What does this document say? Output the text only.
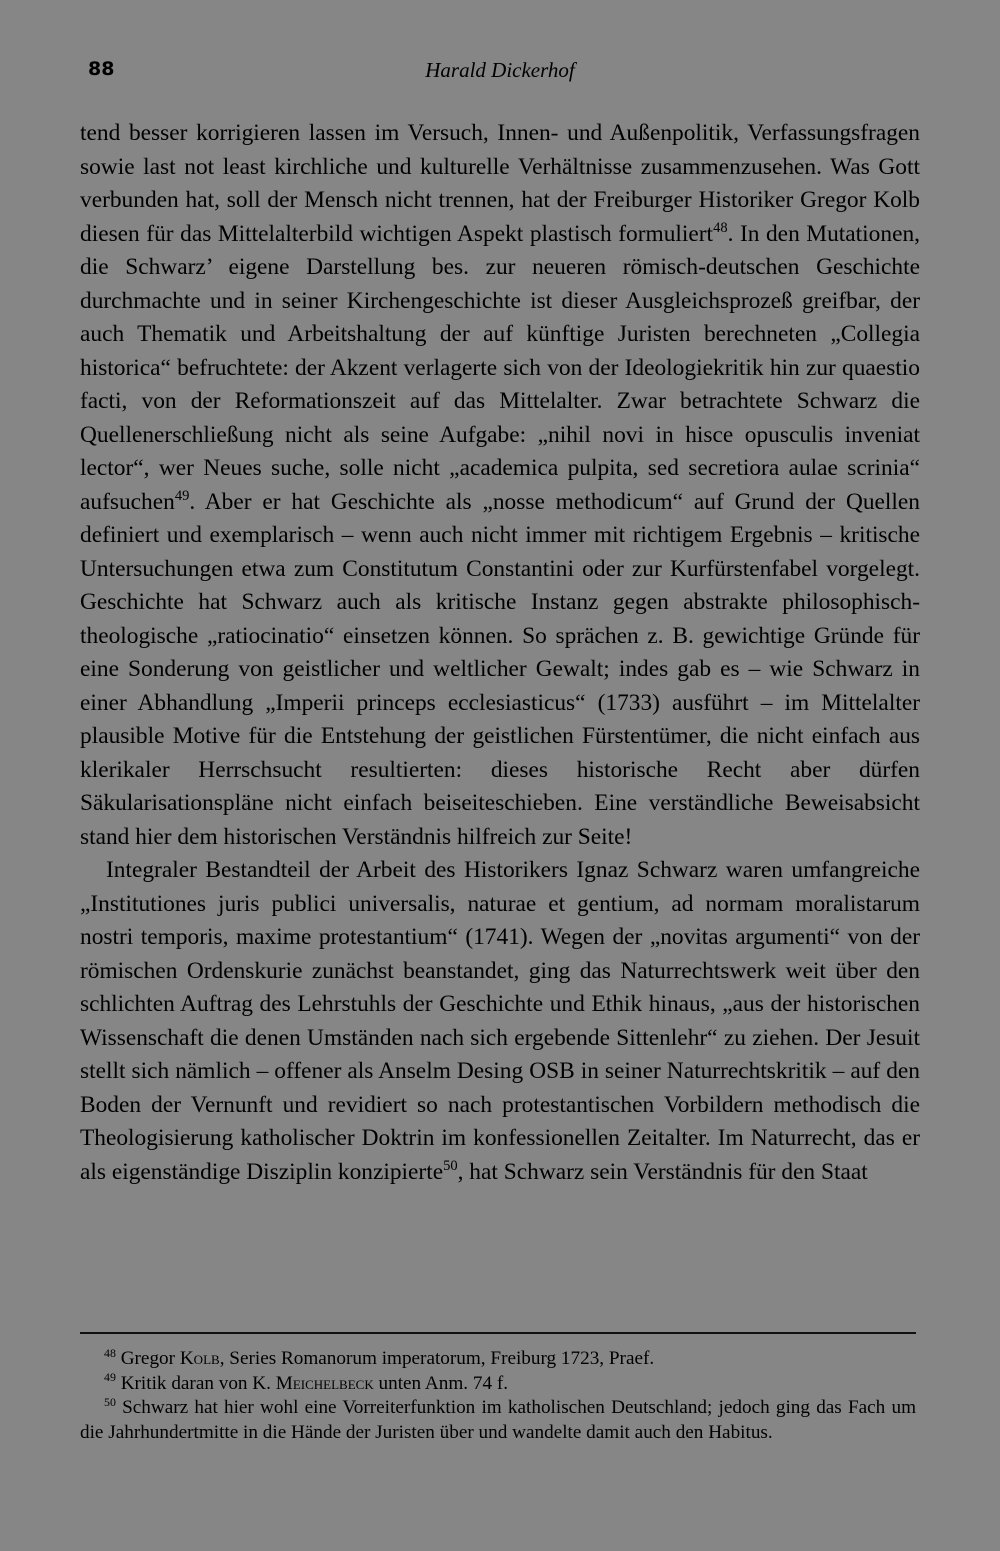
88	Harald Dickerhof

tend besser korrigieren lassen im Versuch, Innen- und Außenpolitik, Verfassungsfragen sowie last not least kirchliche und kulturelle Verhältnisse zusammenzusehen. Was Gott verbunden hat, soll der Mensch nicht trennen, hat der Freiburger Historiker Gregor Kolb diesen für das Mittelalterbild wichtigen Aspekt plastisch formuliert$^{48}$. In den Mutationen, die Schwarz’ eigene Darstellung bes. zur neueren römisch-deutschen Geschichte durchmachte und in seiner Kirchengeschichte ist dieser Ausgleichsprozeß greifbar, der auch Thematik und Arbeitshaltung der auf künftige Juristen berechneten „Collegia historica“ befruchtete: der Akzent verlagerte sich von der Ideologiekritik hin zur quaestio facti, von der Reformationszeit auf das Mittelalter. Zwar betrachtete Schwarz die Quellenerschließung nicht als seine Aufgabe: „nihil novi in hisce opusculis inveniat lector“, wer Neues suche, solle nicht „academica pulpita, sed secretiora aulae scrinia“ aufsuchen$^{49}$. Aber er hat Geschichte als „nosse methodicum“ auf Grund der Quellen definiert und exemplarisch – wenn auch nicht immer mit richtigem Ergebnis – kritische Untersuchungen etwa zum Constitutum Constantini oder zur Kurfürstenfabel vorgelegt. Geschichte hat Schwarz auch als kritische Instanz gegen abstrakte philosophisch-theologische „ratiocinatio“ einsetzen können. So sprächen z. B. gewichtige Gründe für eine Sonderung von geistlicher und weltlicher Gewalt; indes gab es – wie Schwarz in einer Abhandlung „Imperii princeps ecclesiasticus“ (1733) ausführt – im Mittelalter plausible Motive für die Entstehung der geistlichen Fürstentümer, die nicht einfach aus klerikaler Herrschsucht resultierten: dieses historische Recht aber dürfen Säkularisationspläne nicht einfach beiseiteschieben. Eine verständliche Beweisabsicht stand hier dem historischen Verständnis hilfreich zur Seite!

Integraler Bestandteil der Arbeit des Historikers Ignaz Schwarz waren umfangreiche „Institutiones juris publici universalis, naturae et gentium, ad normam moralistarum nostri temporis, maxime protestantium“ (1741). Wegen der „novitas argumenti“ von der römischen Ordenskurie zunächst beanstandet, ging das Naturrechtswerk weit über den schlichten Auftrag des Lehrstuhls der Geschichte und Ethik hinaus, „aus der historischen Wissenschaft die denen Umständen nach sich ergebende Sittenlehr“ zu ziehen. Der Jesuit stellt sich nämlich – offener als Anselm Desing OSB in seiner Naturrechtskritik – auf den Boden der Vernunft und revidiert so nach protestantischen Vorbildern methodisch die Theologisierung katholischer Doktrin im konfessionellen Zeitalter. Im Naturrecht, das er als eigenständige Disziplin konzipierte$^{50}$, hat Schwarz sein Verständnis für den Staat

$^{48}$ Gregor Kolb, Series Romanorum imperatorum, Freiburg 1723, Praef.

$^{49}$ Kritik daran von K. Meichelbeck unten Anm. 74 f.

$^{50}$ Schwarz hat hier wohl eine Vorreiterfunktion im katholischen Deutschland; jedoch ging das Fach um die Jahrhundertmitte in die Hände der Juristen über und wandelte damit auch den Habitus.
